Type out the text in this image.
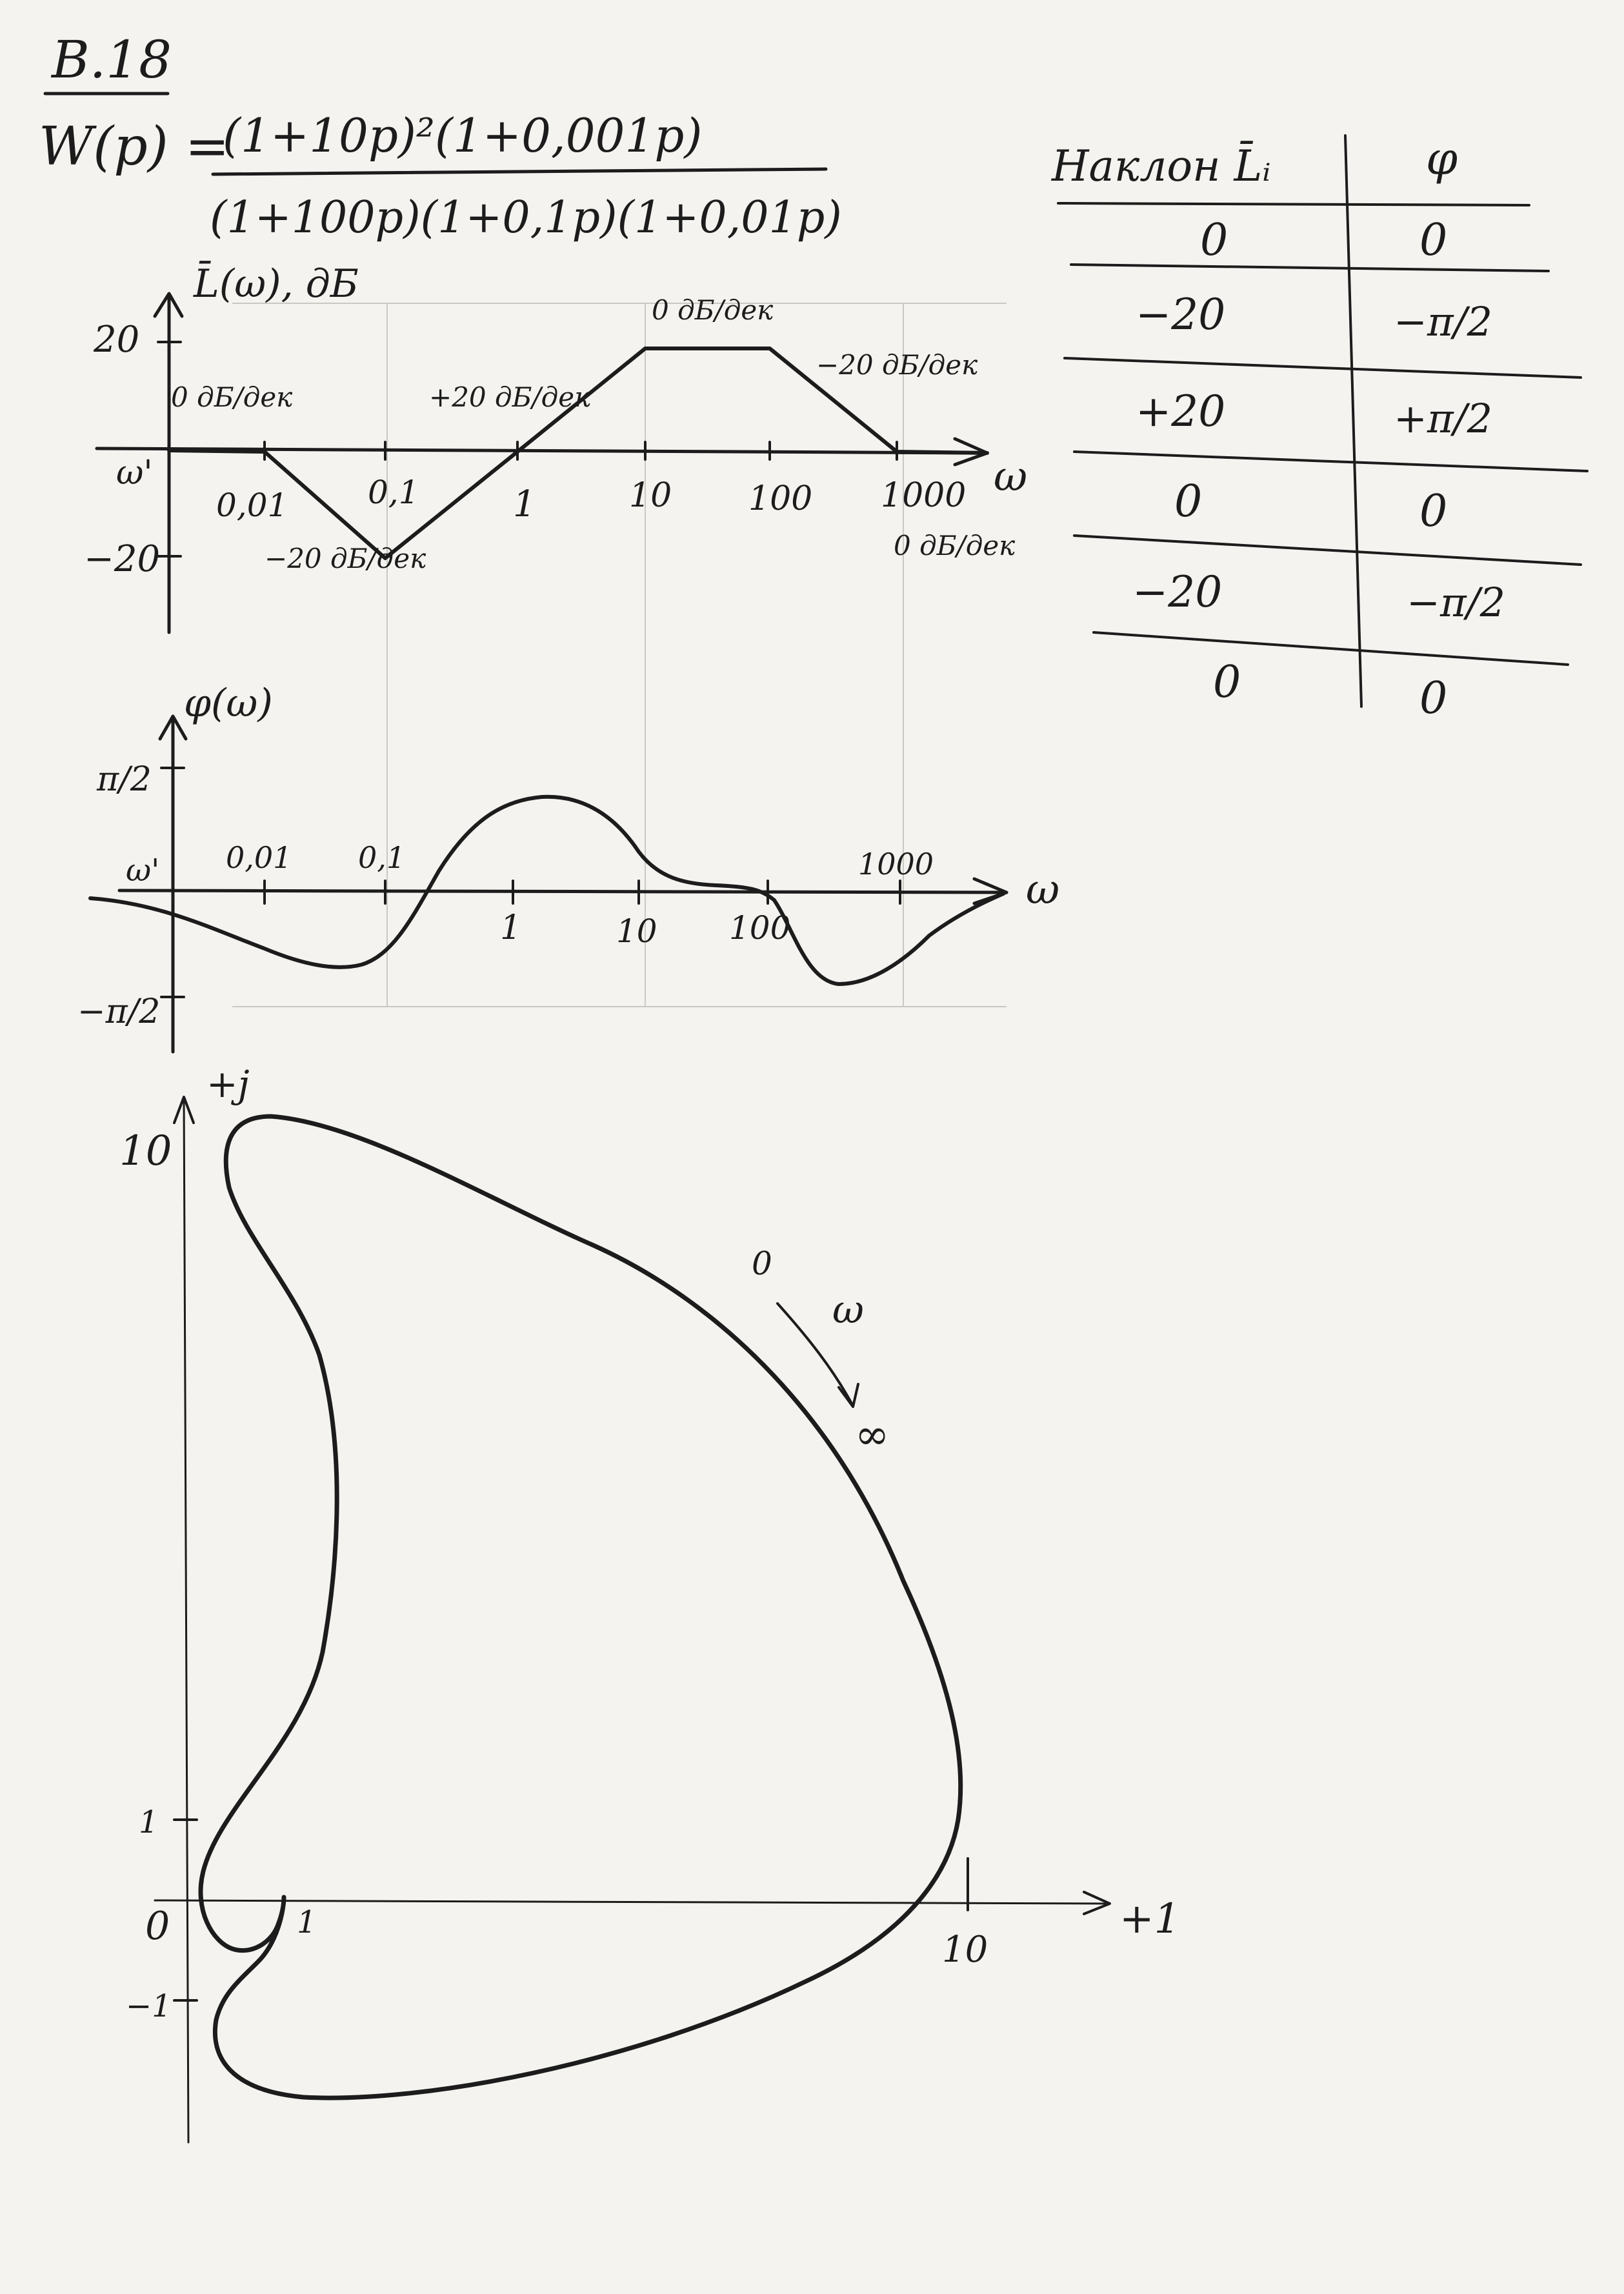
В.18
W(p) =
(1+10p)²(1+0,001p)
(1+100p)(1+0,1p)(1+0,01p)
Наклон L̄ᵢ	φ
0	0
−20	−π/2
+20	+π/2
0	0
−20	−π/2
0	0
L̄(ω), дБ
ω
ω'
20
−20
0,01 0,1	1	10 100 1000
0 дБ/дек
−20 дБ/дек
+20 дБ/дек
0 дБ/дек
−20 дБ/дек
0 дБ/дек
φ(ω)
ω
ω'
π/2
−π/2
0,01 0,1
1	10 100
1000
+j
+1
10
1
−1
0	1
10
0
ω
∞
